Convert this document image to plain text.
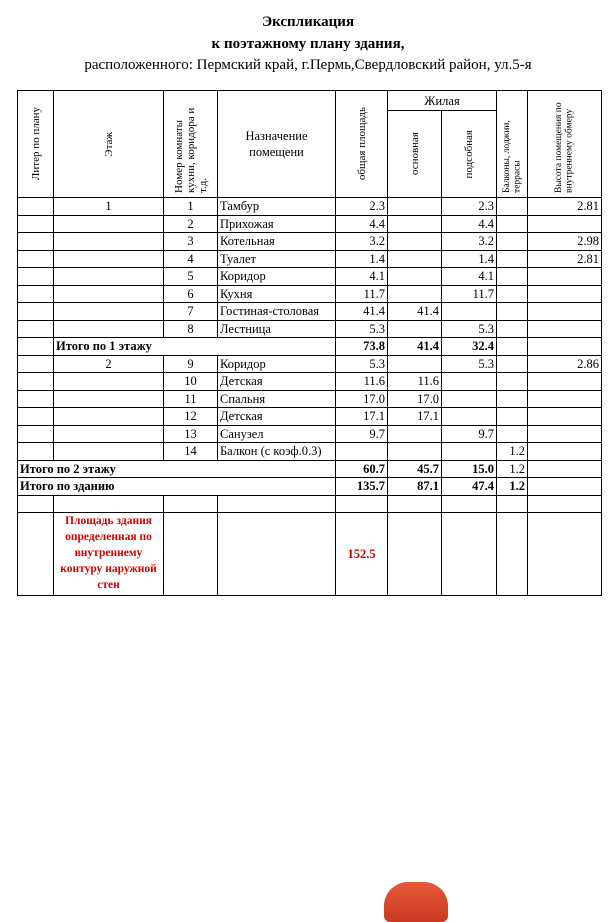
Экспликация
к поэтажному плану здания,
расположенного: Пермский край, г.Пермь,Свердловский район, ул.5-я
Литер по плану	Этаж	Номер комнаты кухни, коридора и т.д.	Назначение помещени	общая площадь	Жилая		Балконы, лоджии, террасы	Высота помещения по внутреннему обмеру

					основная	подсобная		

	1	1	Тамбур	2.3		2.3		2.81
		2	Прихожая	4.4		4.4		
		3	Котельная	3.2		3.2		2.98
		4	Туалет	1.4		1.4		2.81
		5	Коридор	4.1		4.1		
		6	Кухня	11.7		11.7		
		7	Гостиная-столовая	41.4	41.4			
		8	Лестница	5.3		5.3		
	Итого по 1 этажу			73.8	41.4	32.4		
	2	9	Коридор	5.3		5.3		2.86
		10	Детская	11.6	11.6			
		11	Спальня	17.0	17.0			
		12	Детская	17.1	17.1			
		13	Санузел	9.7		9.7		
		14	Балкон (с коэф.0.3)				1.2	
Итого по 2 этажу				60.7	45.7	15.0	1.2	
Итого по зданию				135.7	87.1	47.4	1.2	

	Площадь здания определенная по внутреннему контуру наружной стен			152.5				
